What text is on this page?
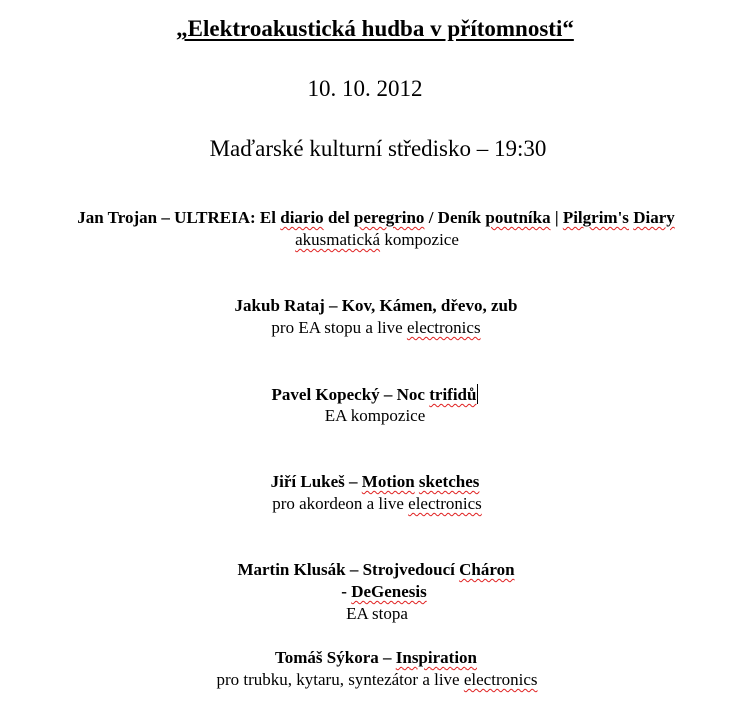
„Elektroakustická hudba v přítomnosti“
10. 10. 2012
Maďarské kulturní středisko – 19:30
Jan Trojan – ULTREIA: El diario del peregrino / Deník poutníka | Pilgrim's Diary
akusmatická kompozice
Jakub Rataj – Kov, Kámen, dřevo, zub
pro EA stopu a live electronics
Pavel Kopecký – Noc trifidů
EA kompozice
Jiří Lukeš – Motion sketches
pro akordeon a live electronics
Martin Klusák – Strojvedoucí Cháron
- DeGenesis
EA stopa
Tomáš Sýkora – Inspiration
pro trubku, kytaru, syntezátor a live electronics
